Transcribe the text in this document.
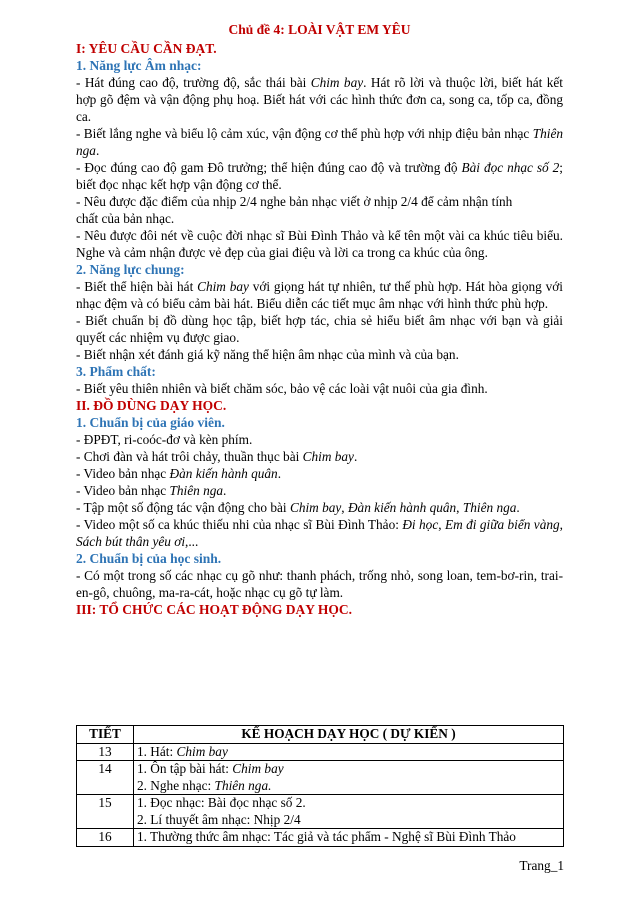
Chủ đề 4: LOÀI VẬT EM YÊU
I: YÊU CẦU CẦN ĐẠT.
1. Năng lực Âm nhạc:

- Hát đúng cao độ, trường độ, sắc thái bài Chim bay. Hát rõ lời và thuộc lời, biết hát kết hợp gõ đệm và vận động phụ hoạ. Biết hát với các hình thức đơn ca, song ca, tốp ca, đồng ca.

- Biết lắng nghe và biểu lộ cảm xúc, vận động cơ thể phù hợp với nhịp điệu bản nhạc Thiên nga.

- Đọc đúng cao độ gam Đô trưởng; thể hiện đúng cao độ và trường độ Bài đọc nhạc số 2; biết đọc nhạc kết hợp vận động cơ thể.

- Nêu được đặc điểm của nhịp 2/4 nghe bản nhạc viết ở nhịp 2/4 để cảm nhận tính

chất của bản nhạc.

- Nêu được đôi nét về cuộc đời nhạc sĩ Bùi Đình Thảo và kể tên một vài ca khúc tiêu biểu. Nghe và cảm nhận được vẻ đẹp của giai điệu và lời ca trong ca khúc của ông.

2. Năng lực chung:

- Biết thể hiện bài hát Chim bay với giọng hát tự nhiên, tư thế phù hợp. Hát hòa giọng với nhạc đệm và có biểu cảm bài hát. Biểu diễn các tiết mục âm nhạc với hình thức phù hợp.

- Biết chuẩn bị đồ dùng học tập, biết hợp tác, chia sẻ hiểu biết âm nhạc với bạn và giải quyết các nhiệm vụ được giao.

- Biết nhận xét đánh giá kỹ năng thể hiện âm nhạc của mình và của bạn.

3. Phẩm chất:

- Biết yêu thiên nhiên và biết chăm sóc, bảo vệ các loài vật nuôi của gia đình.

II. ĐỒ DÙNG DẠY HỌC.
1. Chuẩn bị của giáo viên.

- ĐPĐT, ri-coóc-đơ và kèn phím.

- Chơi đàn và hát trôi chảy, thuần thục bài Chim bay.

- Video bản nhạc Đàn kiến hành quân.

- Video bản nhạc Thiên nga.

- Tập một số động tác vận động cho bài Chim bay, Đàn kiến hành quân, Thiên nga.

- Video một số ca khúc thiếu nhi của nhạc sĩ Bùi Đình Thảo: Đi học, Em đi giữa biển vàng, Sách bút thân yêu ơi,...

2. Chuẩn bị của học sinh.

- Có một trong số các nhạc cụ gõ như: thanh phách, trống nhỏ, song loan, tem-bơ-rin, trai-en-gô, chuông, ma-ra-cát, hoặc nhạc cụ gõ tự làm.

III: TỔ CHỨC CÁC HOẠT ĐỘNG DẠY HỌC.
TIẾT	KẾ HOẠCH DẠY HỌC ( DỰ KIẾN )
13	1. Hát: Chim bay
14	1. Ôn tập bài hát: Chim bay
2. Nghe nhạc: Thiên nga.
15	1. Đọc nhạc: Bài đọc nhạc số 2.
2. Lí thuyết âm nhạc: Nhịp 2/4
16	1. Thường thức âm nhạc: Tác giả và tác phẩm - Nghệ sĩ Bùi Đình Thảo
Trang_1
